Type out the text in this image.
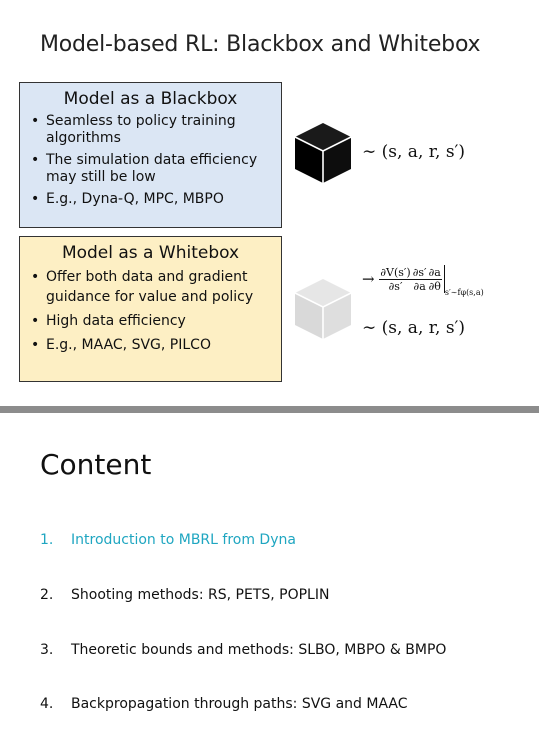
Model-based RL: Blackbox and Whitebox
Model as a Blackbox
• Seamless to policy training algorithms
• The simulation data efficiency may still be low
• E.g., Dyna-Q, MPC, MBPO
∼ (s, a, r, s′)
Model as a Whitebox
• Offer both data and gradient guidance for value and policy
• High data efficiency
• E.g., MAAC, SVG, PILCO
→ $\frac{\partial V(s')}{\partial s'} \frac{\partial s'}{\partial a} \frac{\partial a}{\partial\theta} _{s'\sim f\varphi(s,a)}$
∼ (s, a, r, s′)
Content
1. Introduction to MBRL from Dyna
2. Shooting methods: RS, PETS, POPLIN
3. Theoretic bounds and methods: SLBO, MBPO & BMPO
4. Backpropagation through paths: SVG and MAAC
